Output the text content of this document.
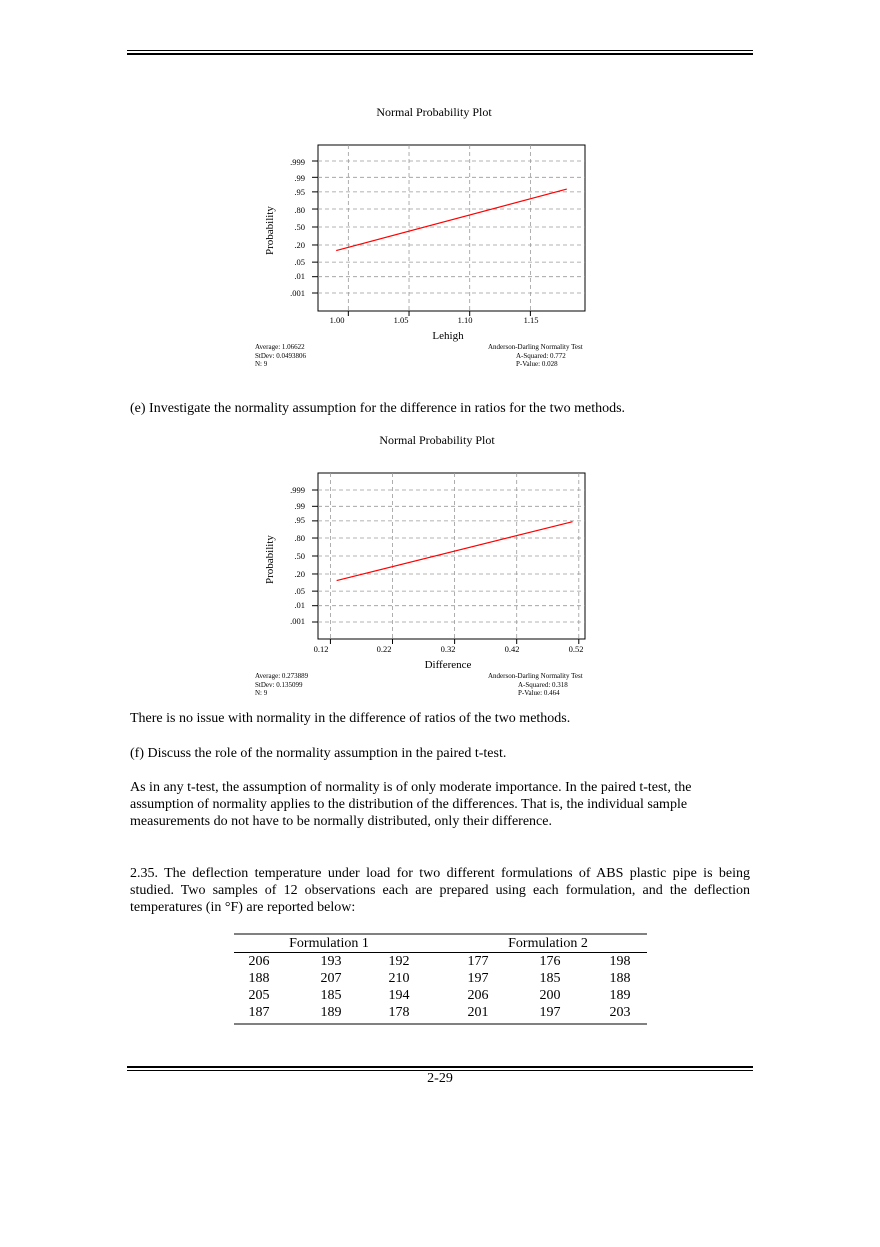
Normal Probability Plot
Probability
.999
.99
.95
.80
.50
.20
.05
.01
.001
1.00	1.05	1.10	1.15
Lehigh
Average: 1.06622
StDev: 0.0493806
N: 9
Anderson-Darling Normality Test
A-Squared: 0.772
P-Value: 0.028
(e) Investigate the normality assumption for the difference in ratios for the two methods.
Normal Probability Plot
Probability
.999
.99
.95
.80
.50
.20
.05
.01
.001
0.12	0.22	0.32	0.42	0.52
Difference
Average: 0.273889
StDev: 0.135099
N: 9
Anderson-Darling Normality Test
A-Squared: 0.318
P-Value: 0.464
There is no issue with normality in the difference of ratios of the two methods.
(f) Discuss the role of the normality assumption in the paired t-test.
As in any t-test, the assumption of normality is of only moderate importance. In the paired t-test, the assumption of normality applies to the distribution of the differences. That is, the individual sample measurements do not have to be normally distributed, only their difference.
2.35. The deflection temperature under load for two different formulations of ABS plastic pipe is being studied. Two samples of 12 observations each are prepared using each formulation, and the deflection temperatures (in °F) are reported below:
Formulation 1	Formulation 2
206	193	192	177	176	198
188	207	210	197	185	188
205	185	194	206	200	189
187	189	178	201	197	203
2-29
